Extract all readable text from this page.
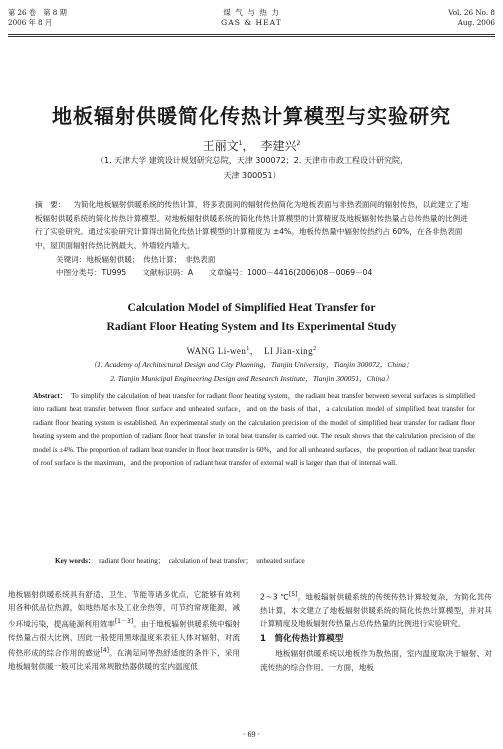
第 26 卷　第 8 期
2006 年 8 月
煤 气 与 热 力
GAS & HEAT
Vol. 26 No. 8
Aug. 2006
地板辐射供暖简化传热计算模型与实验研究
王丽文$^1$，　李建兴$^2$
（1. 天津大学 建筑设计规划研究总院，天津 300072；2. 天津市市政工程设计研究院，
天津 300051）
摘　要： 为简化地板辐射供暖系统的传热计算，将多表面间的辐射传热简化为地板表面与非热表面间的辐射传热，以此建立了地板辐射供暖系统的简化传热计算模型。对地板辐射供暖系统的简化传热计算模型的计算精度及地板辐射传热量占总传热量的比例进行了实验研究。通过实验研究计算得出简化传热计算模型的计算精度为 ±4%。地板传热量中辐射传热约占 60%，在各非热表面中，屋顶面辐射传热比例最大，外墙较内墙大。
关键词：地板辐射供暖；　传热计算；　非热表面
中图分类号：TU995 文献标识码：A 文章编号：1000－4416(2006)08－0069－04
Calculation Model of Simplified Heat Transfer for
Radiant Floor Heating System and Its Experimental Study
WANG Li-wen$^1$，　LI Jian-xing$^2$
（1. Academy of Architectural Design and City Planning，Tianjin University，Tianjin 300072，China；
2. Tianjin Municipal Engineering Design and Research Institute，Tianjin 300051，China）
Abstract： To simplify the calculation of heat transfer for radiant floor heating system，the radiant heat transfer between several surfaces is simplified into radiant heat transfer between floor surface and unheated surface，and on the basis of that，a calculation model of simplified heat transfer for radiant floor heating system is established. An experimental study on the calculation precision of the model of simplified heat transfer for radiant floor heating system and the proportion of radiant floor heat transfer in total heat transfer is carried out. The result shows that the calculation precision of the model is ±4%. The proportion of radiant heat transfer in floor heat transfer is 60%，and for all unheated surfaces，the proportion of radiant heat transfer of roof surface is the maximum，and the proportion of radiant heat transfer of external wall is larger than that of internal wall.
Key words： radiant floor heating；　calculation of heat transfer；　unheated surface
地板辐射供暖系统具有舒适、卫生、节能等诸多优点，它能够有效利用各种低品位热源，如地热尾水及工业余热等，可节约常规能源，减少环境污染，提高能源利用效率[1－3]。由于地板辐射供暖系统中辐射传热量占很大比例，因此一般使用黑球温度来表征人体对辐射、对流传热形成的综合作用的感觉[4]。在满足同等热舒适度的条件下，采用地板辐射供暖一般可比采用常规散热器供暖的室内温度低
2～3 ℃[5]。地板辐射供暖系统的传统传热计算较复杂，为简化其传热计算，本文建立了地板辐射供暖系统的简化传热计算模型，并对其计算精度及地板辐射传热量占总传热量的比例进行实验研究。
1　简化传热计算模型
地板辐射供暖系统以地板作为散热面，室内温度取决于辐射、对流传热的综合作用。一方面，地板
· 69 ·
